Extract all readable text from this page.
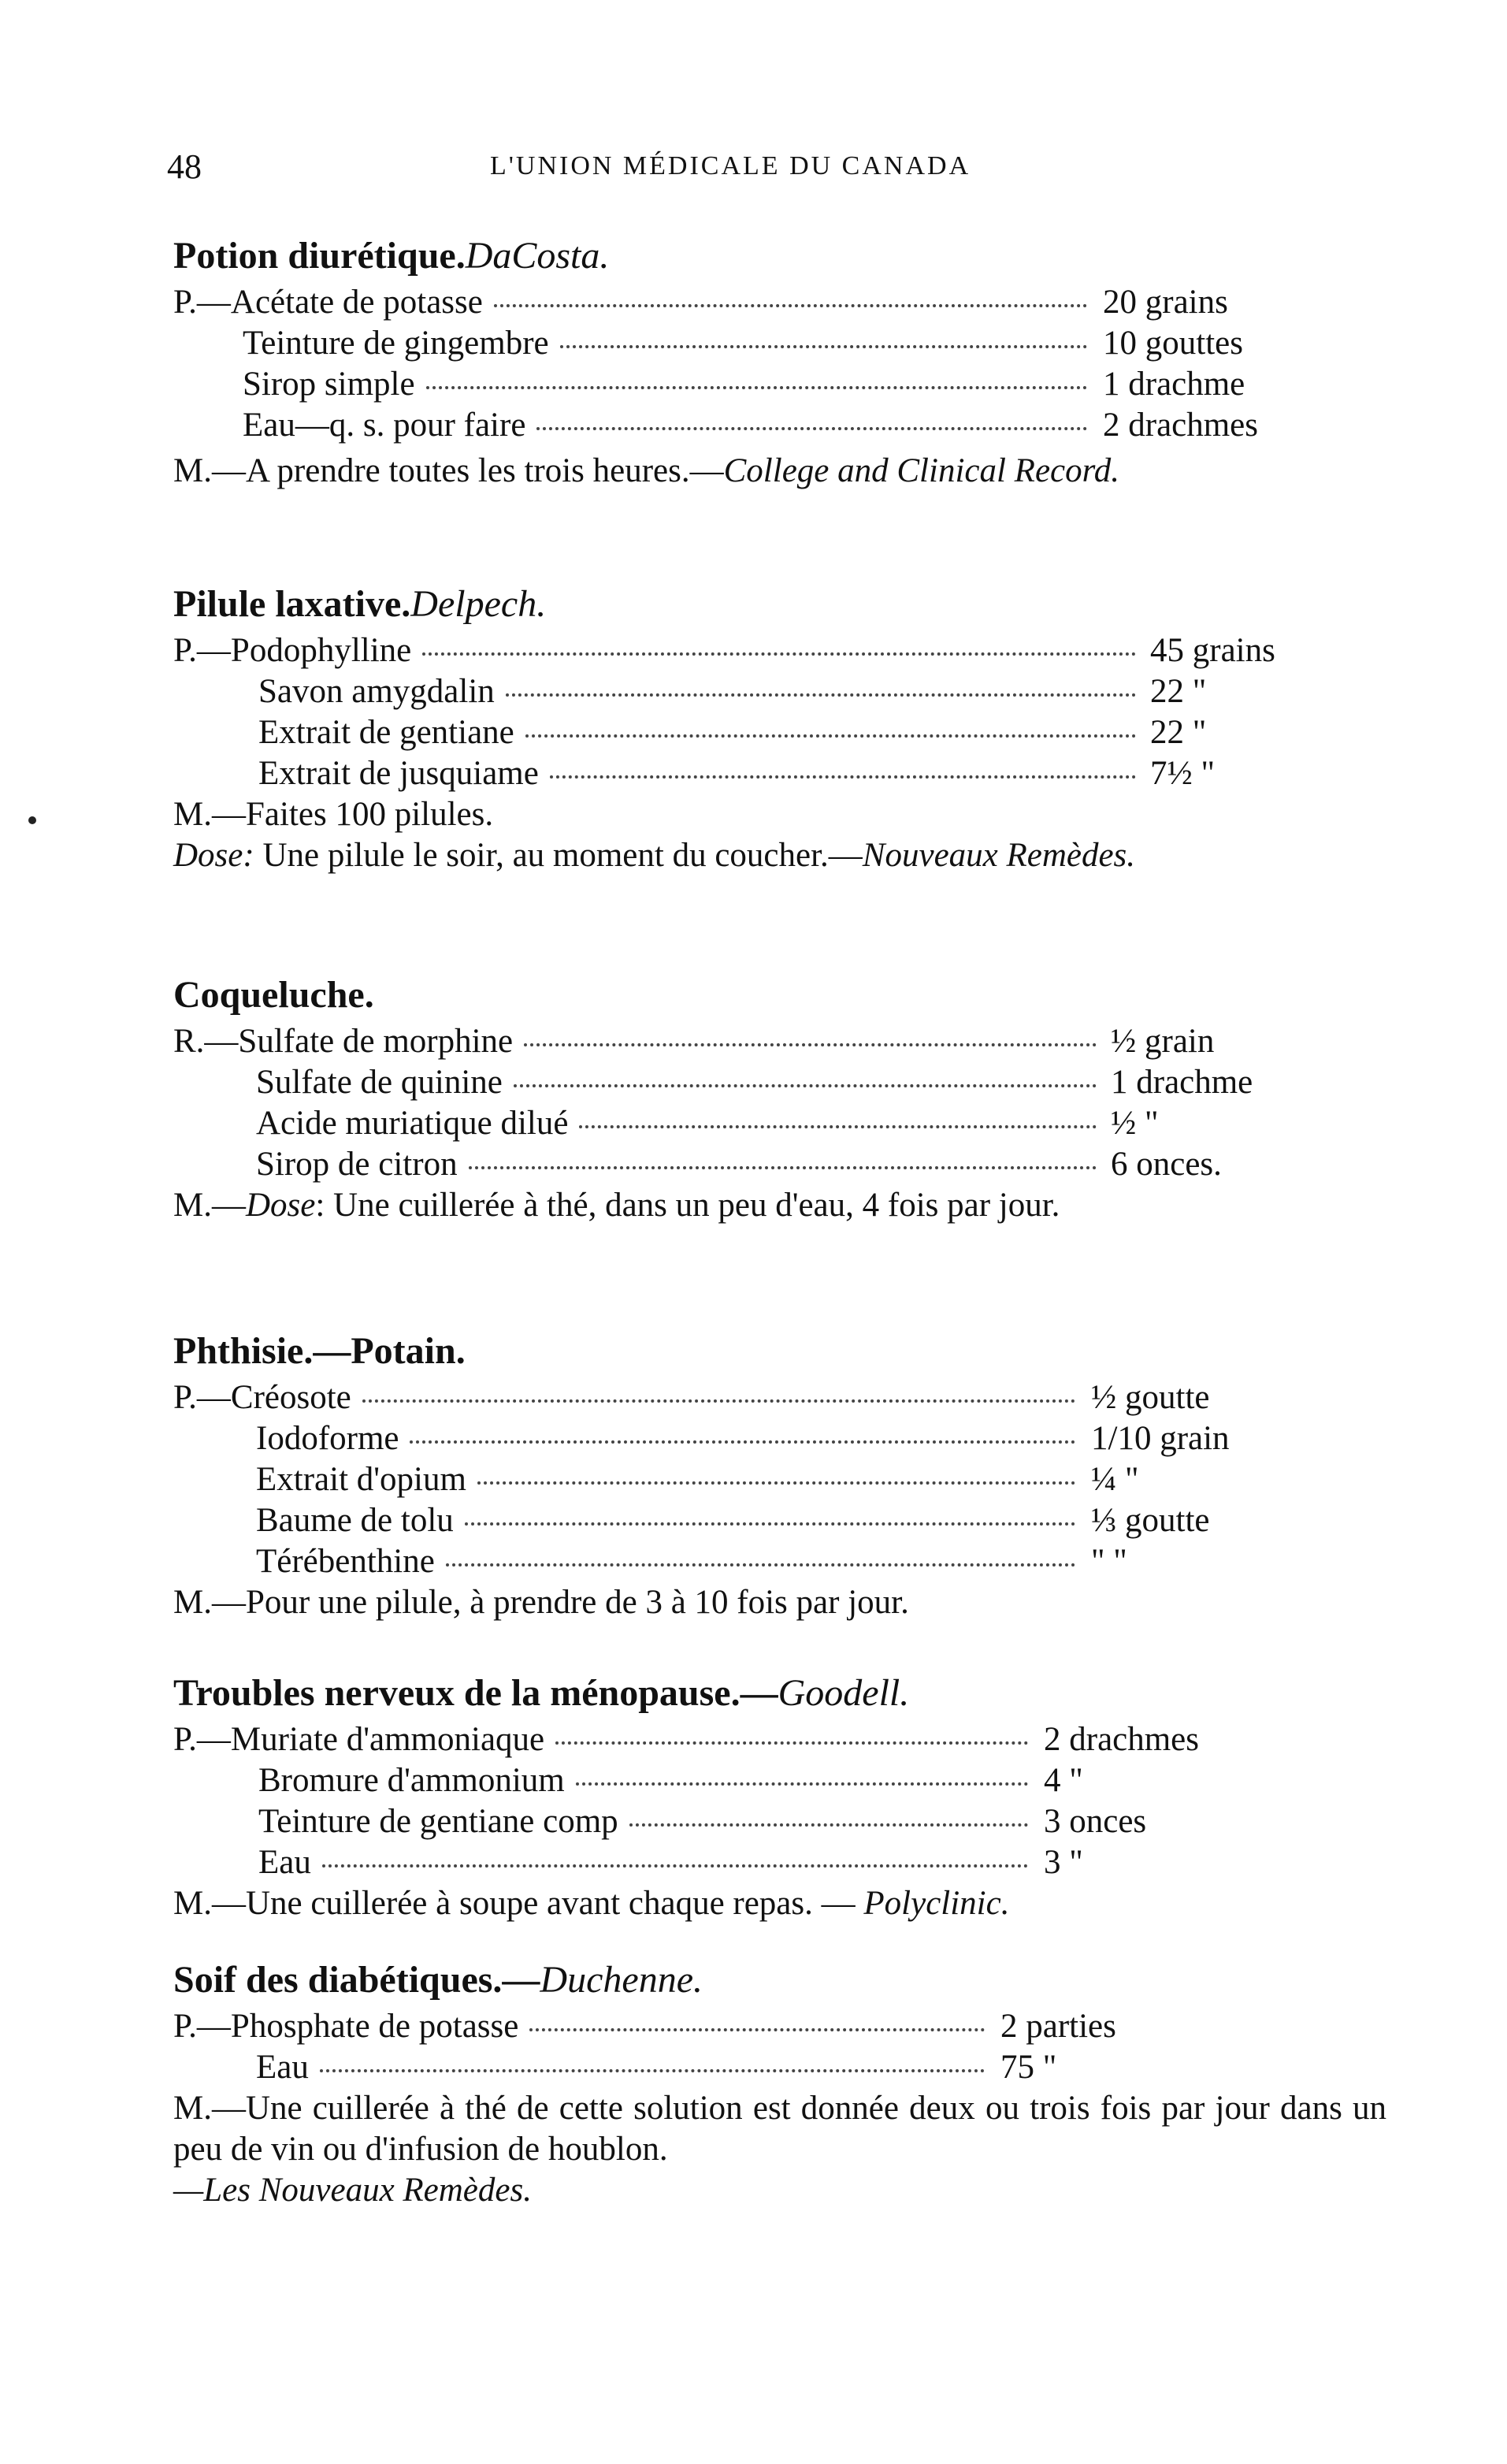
48	L'UNION MÉDICALE DU CANADA
Potion diurétique.DaCosta.
P.—Acétate de potasse	20 grains
Teinture de gingembre	10 gouttes
Sirop simple	1 drachme
Eau—q. s. pour faire	2 drachmes
M.—A prendre toutes les trois heures.—College and Clinical Record.
Pilule laxative.Delpech.
P.—Podophylline	45 grains
Savon amygdalin	22 "
Extrait de gentiane	22 "
Extrait de jusquiame	7½ "
M.—Faites 100 pilules.
Dose: Une pilule le soir, au moment du coucher.—Nouveaux Remèdes.
Coqueluche.
R.—Sulfate de morphine	½ grain
Sulfate de quinine	1 drachme
Acide muriatique dilué	½ "
Sirop de citron	6 onces.
M.—Dose: Une cuillerée à thé, dans un peu d'eau, 4 fois par jour.
Phthisie.—Potain.
P.—Créosote	½ goutte
Iodoforme	1/10 grain
Extrait d'opium	¼ "
Baume de tolu	⅓ goutte
Térébenthine	" "
M.—Pour une pilule, à prendre de 3 à 10 fois par jour.
Troubles nerveux de la ménopause.—Goodell.
P.—Muriate d'ammoniaque	2 drachmes
Bromure d'ammonium	4 "
Teinture de gentiane comp	3 onces
Eau	3 "
M.—Une cuillerée à soupe avant chaque repas. — Polyclinic.
Soif des diabétiques.—Duchenne.
P.—Phosphate de potasse	2 parties
Eau	75 "
M.—Une cuillerée à thé de cette solution est donnée deux ou trois fois par jour dans un peu de vin ou d'infusion de houblon.
—Les Nouveaux Remèdes.
